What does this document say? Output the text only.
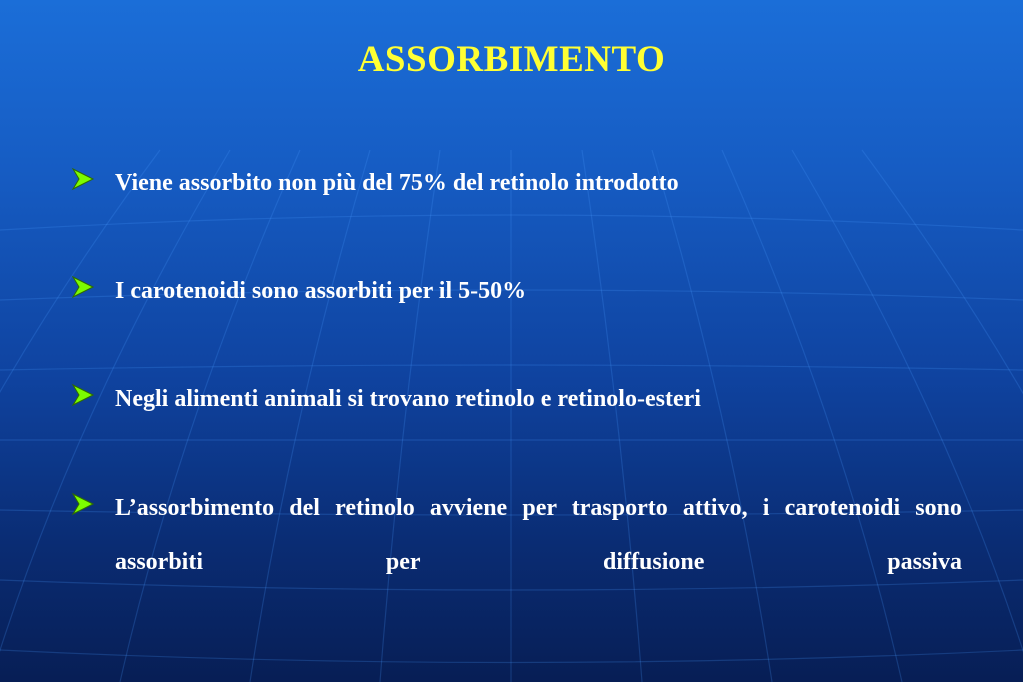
ASSORBIMENTO
Viene assorbito non più del 75% del retinolo introdotto
I carotenoidi sono assorbiti per il 5-50%
Negli alimenti animali si trovano retinolo e retinolo-esteri
L’assorbimento del retinolo avviene per trasporto attivo, i carotenoidi sono assorbiti per diffusione passiva
